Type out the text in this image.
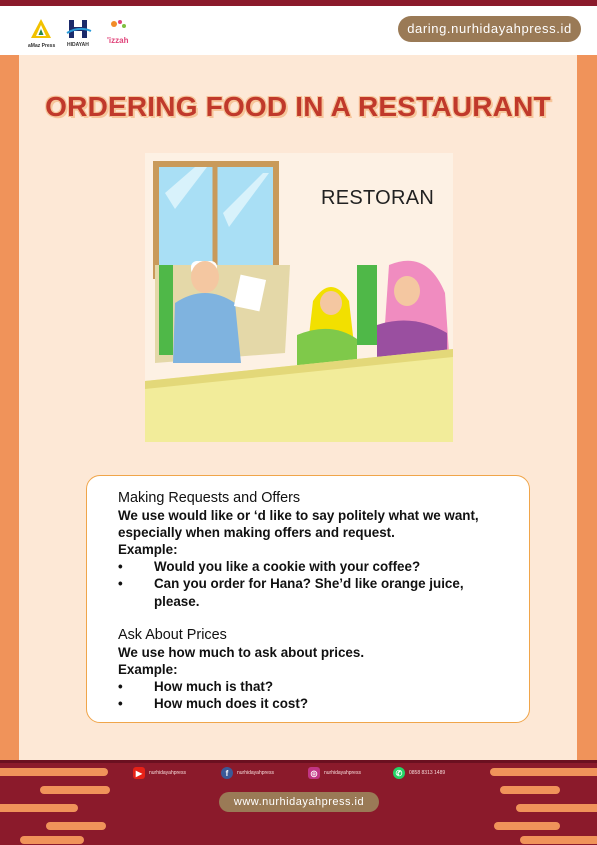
aMaz Press HIDAYAH 'izzah
daring.nurhidayahpress.id
ORDERING FOOD IN A RESTAURANT
RESTORAN
Making Requests and Offers
We use would like or ‘d like to say politely what we want, especially when making offers and request.
Example:
•	Would you like a cookie with your coffee?
•	Can you order for Hana? She’d like orange juice, please.
Ask About Prices
We use how much to ask about prices.
Example:
•	How much is that?
•	How much does it cost?
▶	nurhidayahpress	f	nurhidayahpress	◎	nurhidayahpress	✆	0858 8313 1489
www.nurhidayahpress.id
